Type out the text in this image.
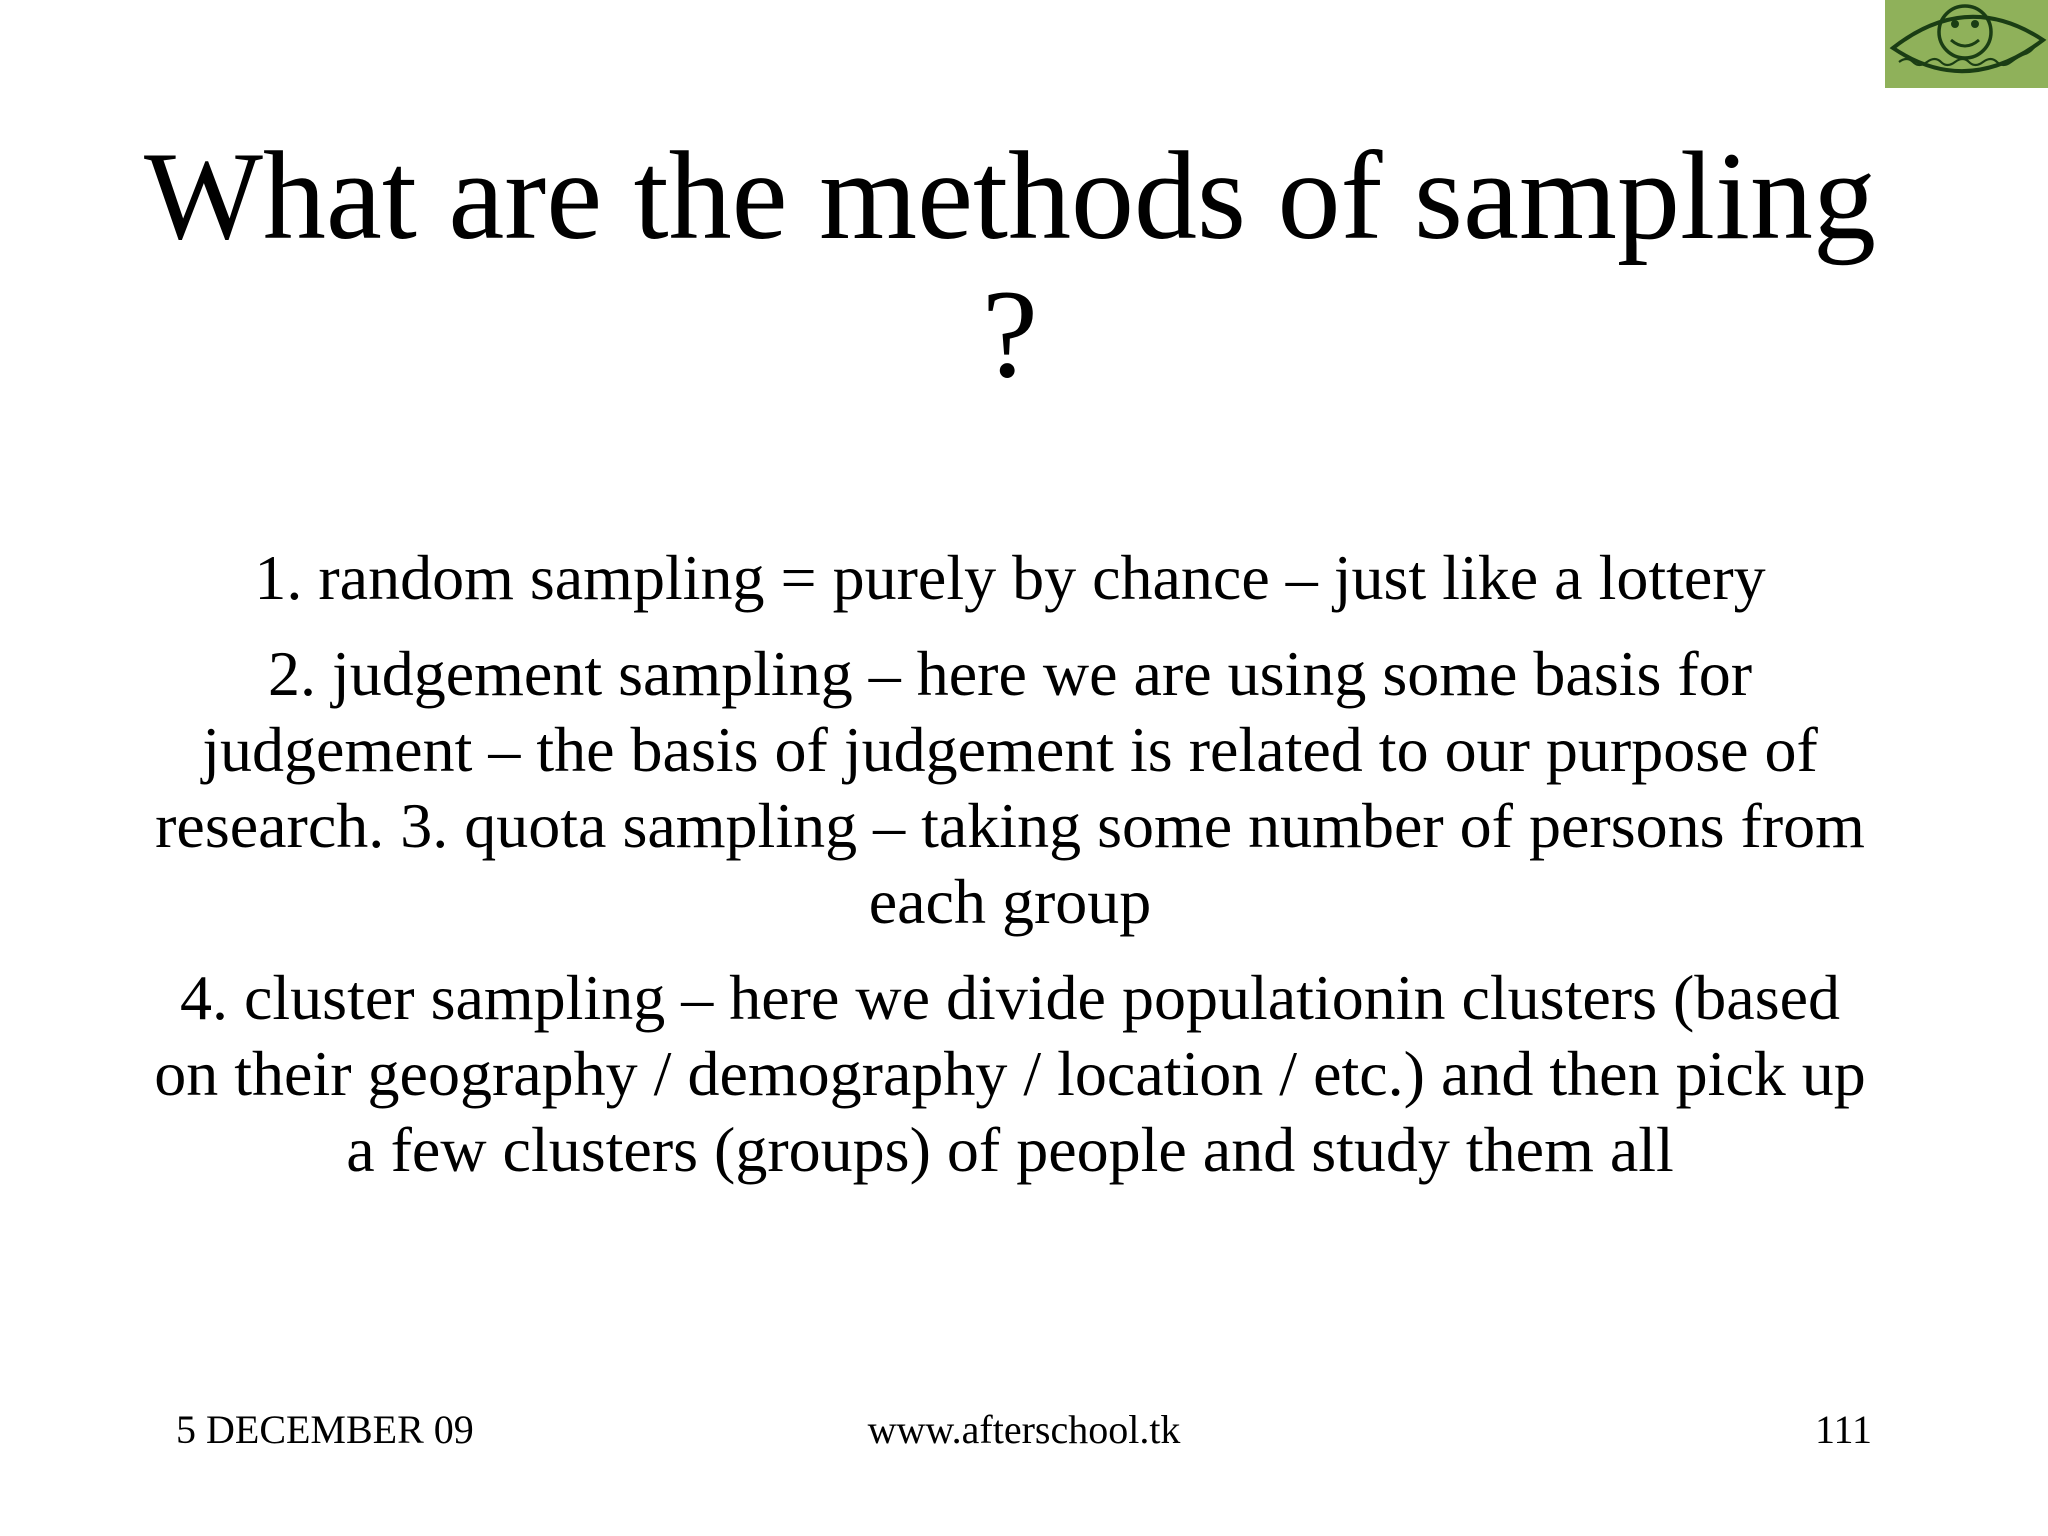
What are the methods of sampling ?

1. random sampling = purely by chance – just like a lottery

2. judgement sampling – here we are using some basis for judgement – the basis of judgement is related to our purpose of research. 3. quota sampling – taking some number of persons from each group

4. cluster sampling – here we divide populationin clusters (based on their geography / demography / location / etc.) and then pick up a few clusters (groups) of people and study them all

5 DECEMBER 09	www.afterschool.tk	111
